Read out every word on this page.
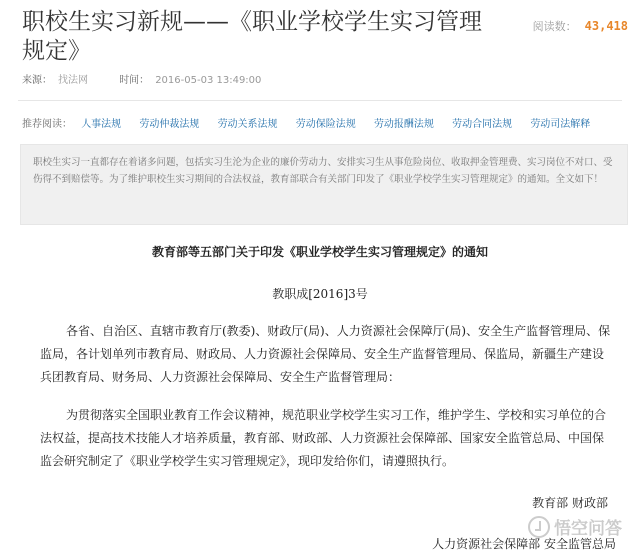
职校生实习新规——《职业学校学生实习管理规定》
阅读数： 43,418
来源： 找法网	时间： 2016-05-03 13:49:00
推荐阅读： 人事法规 劳动仲裁法规 劳动关系法规 劳动保险法规 劳动报酬法规 劳动合同法规 劳动司法解释
职校生实习一直都存在着诸多问题，包括实习生沦为企业的廉价劳动力、安排实习生从事危险岗位、收取押金管理费、实习岗位不对口、受伤得不到赔偿等。为了维护职校生实习期间的合法权益，教育部联合有关部门印发了《职业学校学生实习管理规定》的通知。全文如下！
教育部等五部门关于印发《职业学校学生实习管理规定》的通知
教职成[2016]3号
各省、自治区、直辖市教育厅(教委)、财政厅(局)、人力资源社会保障厅(局)、安全生产监督管理局、保监局，各计划单列市教育局、财政局、人力资源社会保障局、安全生产监督管理局、保监局，新疆生产建设兵团教育局、财务局、人力资源社会保障局、安全生产监督管理局：
为贯彻落实全国职业教育工作会议精神，规范职业学校学生实习工作，维护学生、学校和实习单位的合法权益，提高技术技能人才培养质量，教育部、财政部、人力资源社会保障部、国家安全监管总局、中国保监会研究制定了《职业学校学生实习管理规定》，现印发给你们，请遵照执行。
教育部 财政部
悟空问答
人力资源社会保障部 安全监管总局
